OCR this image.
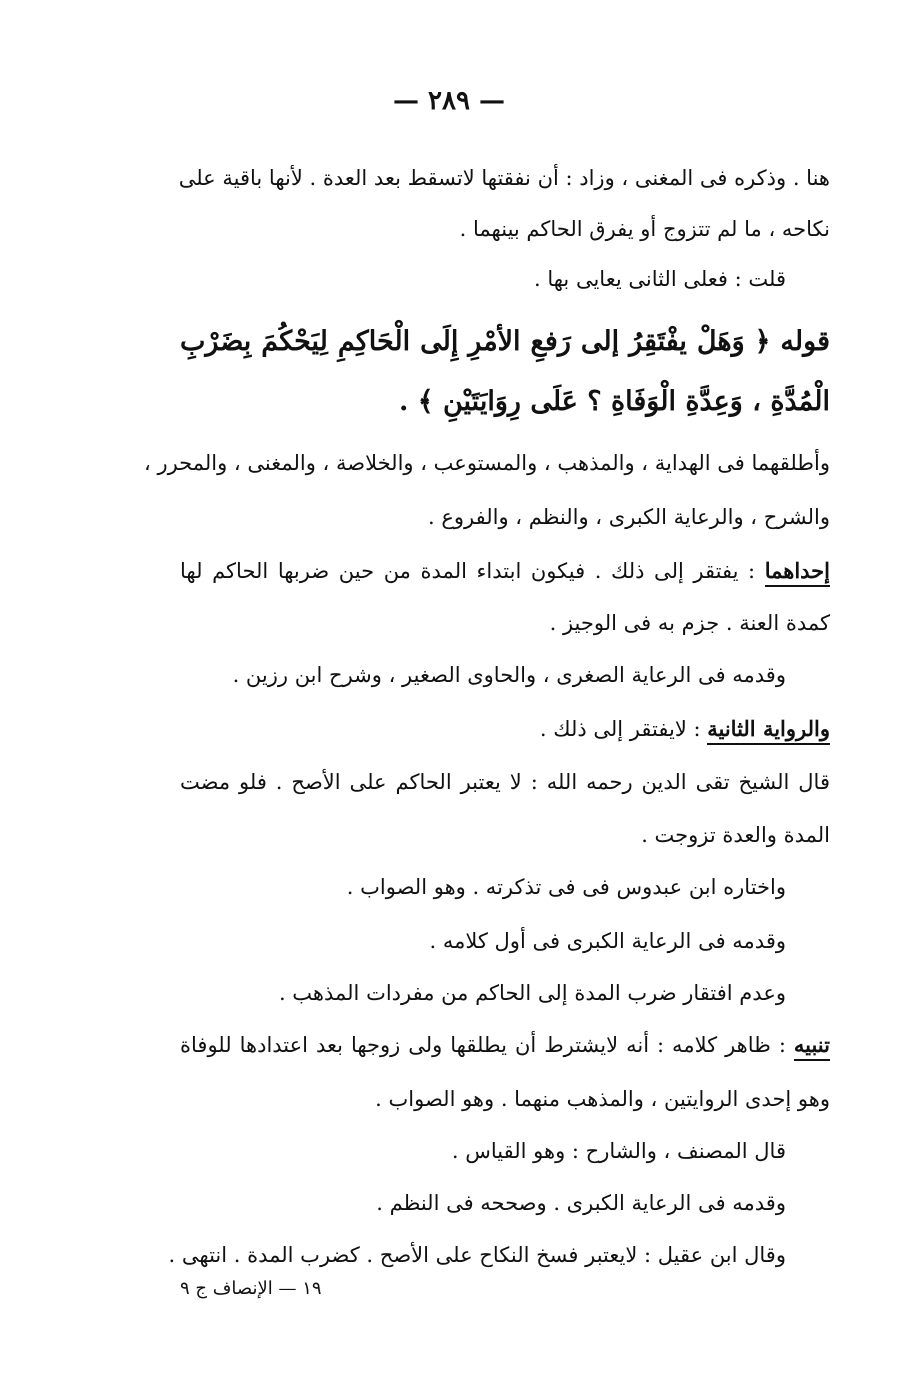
— ٢٨٩ —
هنا . وذكره فى المغنى ، وزاد : أن نفقتها لاتسقط بعد العدة . لأنها باقية على
نكاحه ، ما لم تتزوج أو يفرق الحاكم بينهما .
قلت : فعلى الثانى يعايى بها .
قوله ﴿ وَهَلْ يفْتَقِرُ إلى رَفعِ الأمْرِ إِلَى الْحَاكِمِ لِيَحْكُمَ بِضَرْبِ
الْمُدَّةِ ، وَعِدَّةِ الْوَفَاةِ ؟ عَلَى رِوَايَتَيْنِ ﴾ .
وأطلقهما فى الهداية ، والمذهب ، والمستوعب ، والخلاصة ، والمغنى ، والمحرر ،
والشرح ، والرعاية الكبرى ، والنظم ، والفروع .
إحداهما : يفتقر إلى ذلك . فيكون ابتداء المدة من حين ضربها الحاكم لها
كمدة العنة . جزم به فى الوجيز .
وقدمه فى الرعاية الصغرى ، والحاوى الصغير ، وشرح ابن رزين .
والرواية الثانية : لايفتقر إلى ذلك .
قال الشيخ تقى الدين رحمه الله : لا يعتبر الحاكم على الأصح . فلو مضت
المدة والعدة تزوجت .
واختاره ابن عبدوس فى فى تذكرته . وهو الصواب .
وقدمه فى الرعاية الكبرى فى أول كلامه .
وعدم افتقار ضرب المدة إلى الحاكم من مفردات المذهب .
تنبيه : ظاهر كلامه : أنه لايشترط أن يطلقها ولى زوجها بعد اعتدادها للوفاة
وهو إحدى الروايتين ، والمذهب منهما . وهو الصواب .
قال المصنف ، والشارح : وهو القياس .
وقدمه فى الرعاية الكبرى . وصححه فى النظم .
وقال ابن عقيل : لايعتبر فسخ النكاح على الأصح . كضرب المدة . انتهى .
١٩ — الإنصاف ج ٩
